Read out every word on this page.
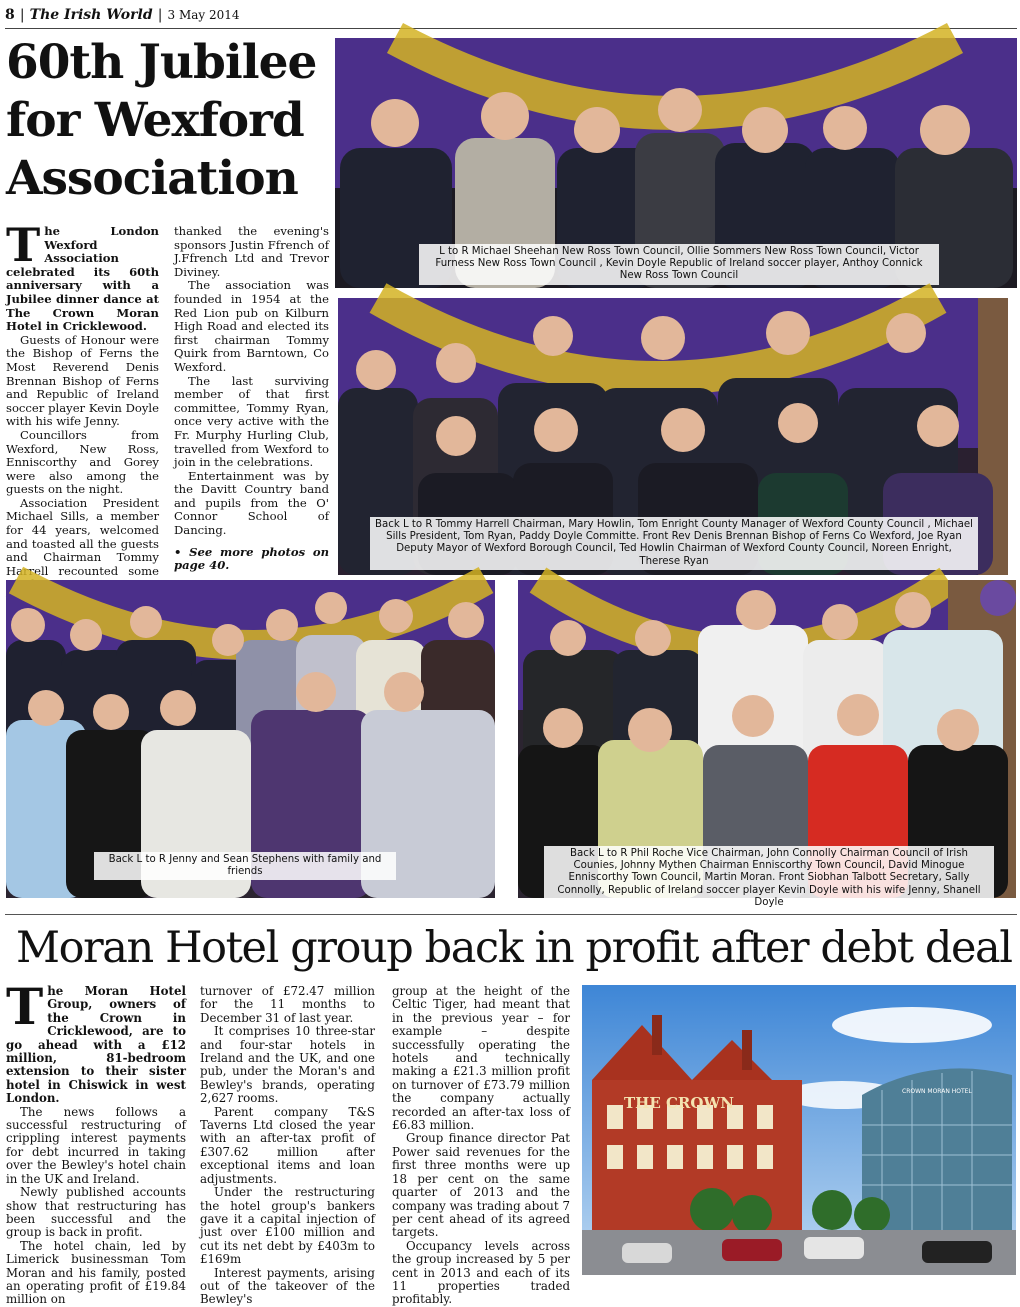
8 | The Irish World | 3 May 2014
60th Jubilee for Wexford Association
T he London Wexford Association celebrated its 60th anniversary with a Jubilee dinner dance at The Crown Moran Hotel in Cricklewood.

Guests of Honour were the Bishop of Ferns the Most Reverend Denis Brennan Bishop of Ferns and Republic of Ireland soccer player Kevin Doyle with his wife Jenny.

Councillors from Wexford, New Ross, Enniscorthy and Gorey were also among the guests on the night.

Association President Michael Sills, a member for 44 years, welcomed and toasted all the guests and Chairman Tommy Harrell recounted some

thanked the evening's sponsors Justin Ffrench of J.Ffrench Ltd and Trevor Diviney.

The association was founded in 1954 at the Red Lion pub on Kilburn High Road and elected its first chairman Tommy Quirk from Barntown, Co Wexford.

The last surviving member of that first committee, Tommy Ryan, once very active with the Fr. Murphy Hurling Club, travelled from Wexford to join in the celebrations.

Entertainment was by the Davitt Country band and pupils from the O' Connor School of Dancing.

• See more photos on page 40.

L to R Michael Sheehan New Ross Town Council, Ollie Sommers New Ross Town Council, Victor Furness New Ross Town Council , Kevin Doyle Republic of Ireland soccer player, Anthoy Connick New Ross Town Council
Back L to R Tommy Harrell Chairman, Mary Howlin, Tom Enright County Manager of Wexford County Council , Michael Sills President, Tom Ryan, Paddy Doyle Committe. Front Rev Denis Brennan Bishop of Ferns Co Wexford, Joe Ryan Deputy Mayor of Wexford Borough Council, Ted Howlin Chairman of Wexford County Council, Noreen Enright, Therese Ryan
Back L to R Jenny and Sean Stephens with family and friends
Back L to R Phil Roche Vice Chairman, John Connolly Chairman Council of Irish Counies, Johnny Mythen Chairman Enniscorthy Town Council, David Minogue Enniscorthy Town Council, Martin Moran. Front Siobhan Talbott Secretary, Sally Connolly, Republic of Ireland soccer player Kevin Doyle with his wife Jenny, Shanell Doyle
Moran Hotel group back in profit after debt deal
T he Moran Hotel Group, owners of the Crown in Cricklewood, are to go ahead with a £12 million, 81-bedroom extension to their sister hotel in Chiswick in west London.

The news follows a successful restructuring of crippling interest payments for debt incurred in taking over the Bewley's hotel chain in the UK and Ireland.

Newly published accounts show that restructuring has been successful and the group is back in profit.

The hotel chain, led by Limerick businessman Tom Moran and his family, posted an operating profit of £19.84 million on

turnover of £72.47 million for the 11 months to December 31 of last year.

It comprises 10 three-star and four-star hotels in Ireland and the UK, and one pub, under the Moran's and Bewley's brands, operating 2,627 rooms.

Parent company T&S Taverns Ltd closed the year with an after-tax profit of £307.62 million after exceptional items and loan adjustments.

Under the restructuring the hotel group's bankers gave it a capital injection of just over £100 million and cut its net debt by £403m to £169m

Interest payments, arising out of the takeover of the Bewley's

group at the height of the Celtic Tiger, had meant that in the previous year – for example – despite successfully operating the hotels and technically making a £21.3 million profit on turnover of £73.79 million the company actually recorded an after-tax loss of £6.83 million.

Group finance director Pat Power said revenues for the first three months were up 18 per cent on the same quarter of 2013 and the company was trading about 7 per cent ahead of its agreed targets.

Occupancy levels across the group increased by 5 per cent in 2013 and each of its 11 properties traded profitably.

THE CROWN
CROWN MORAN HOTEL
